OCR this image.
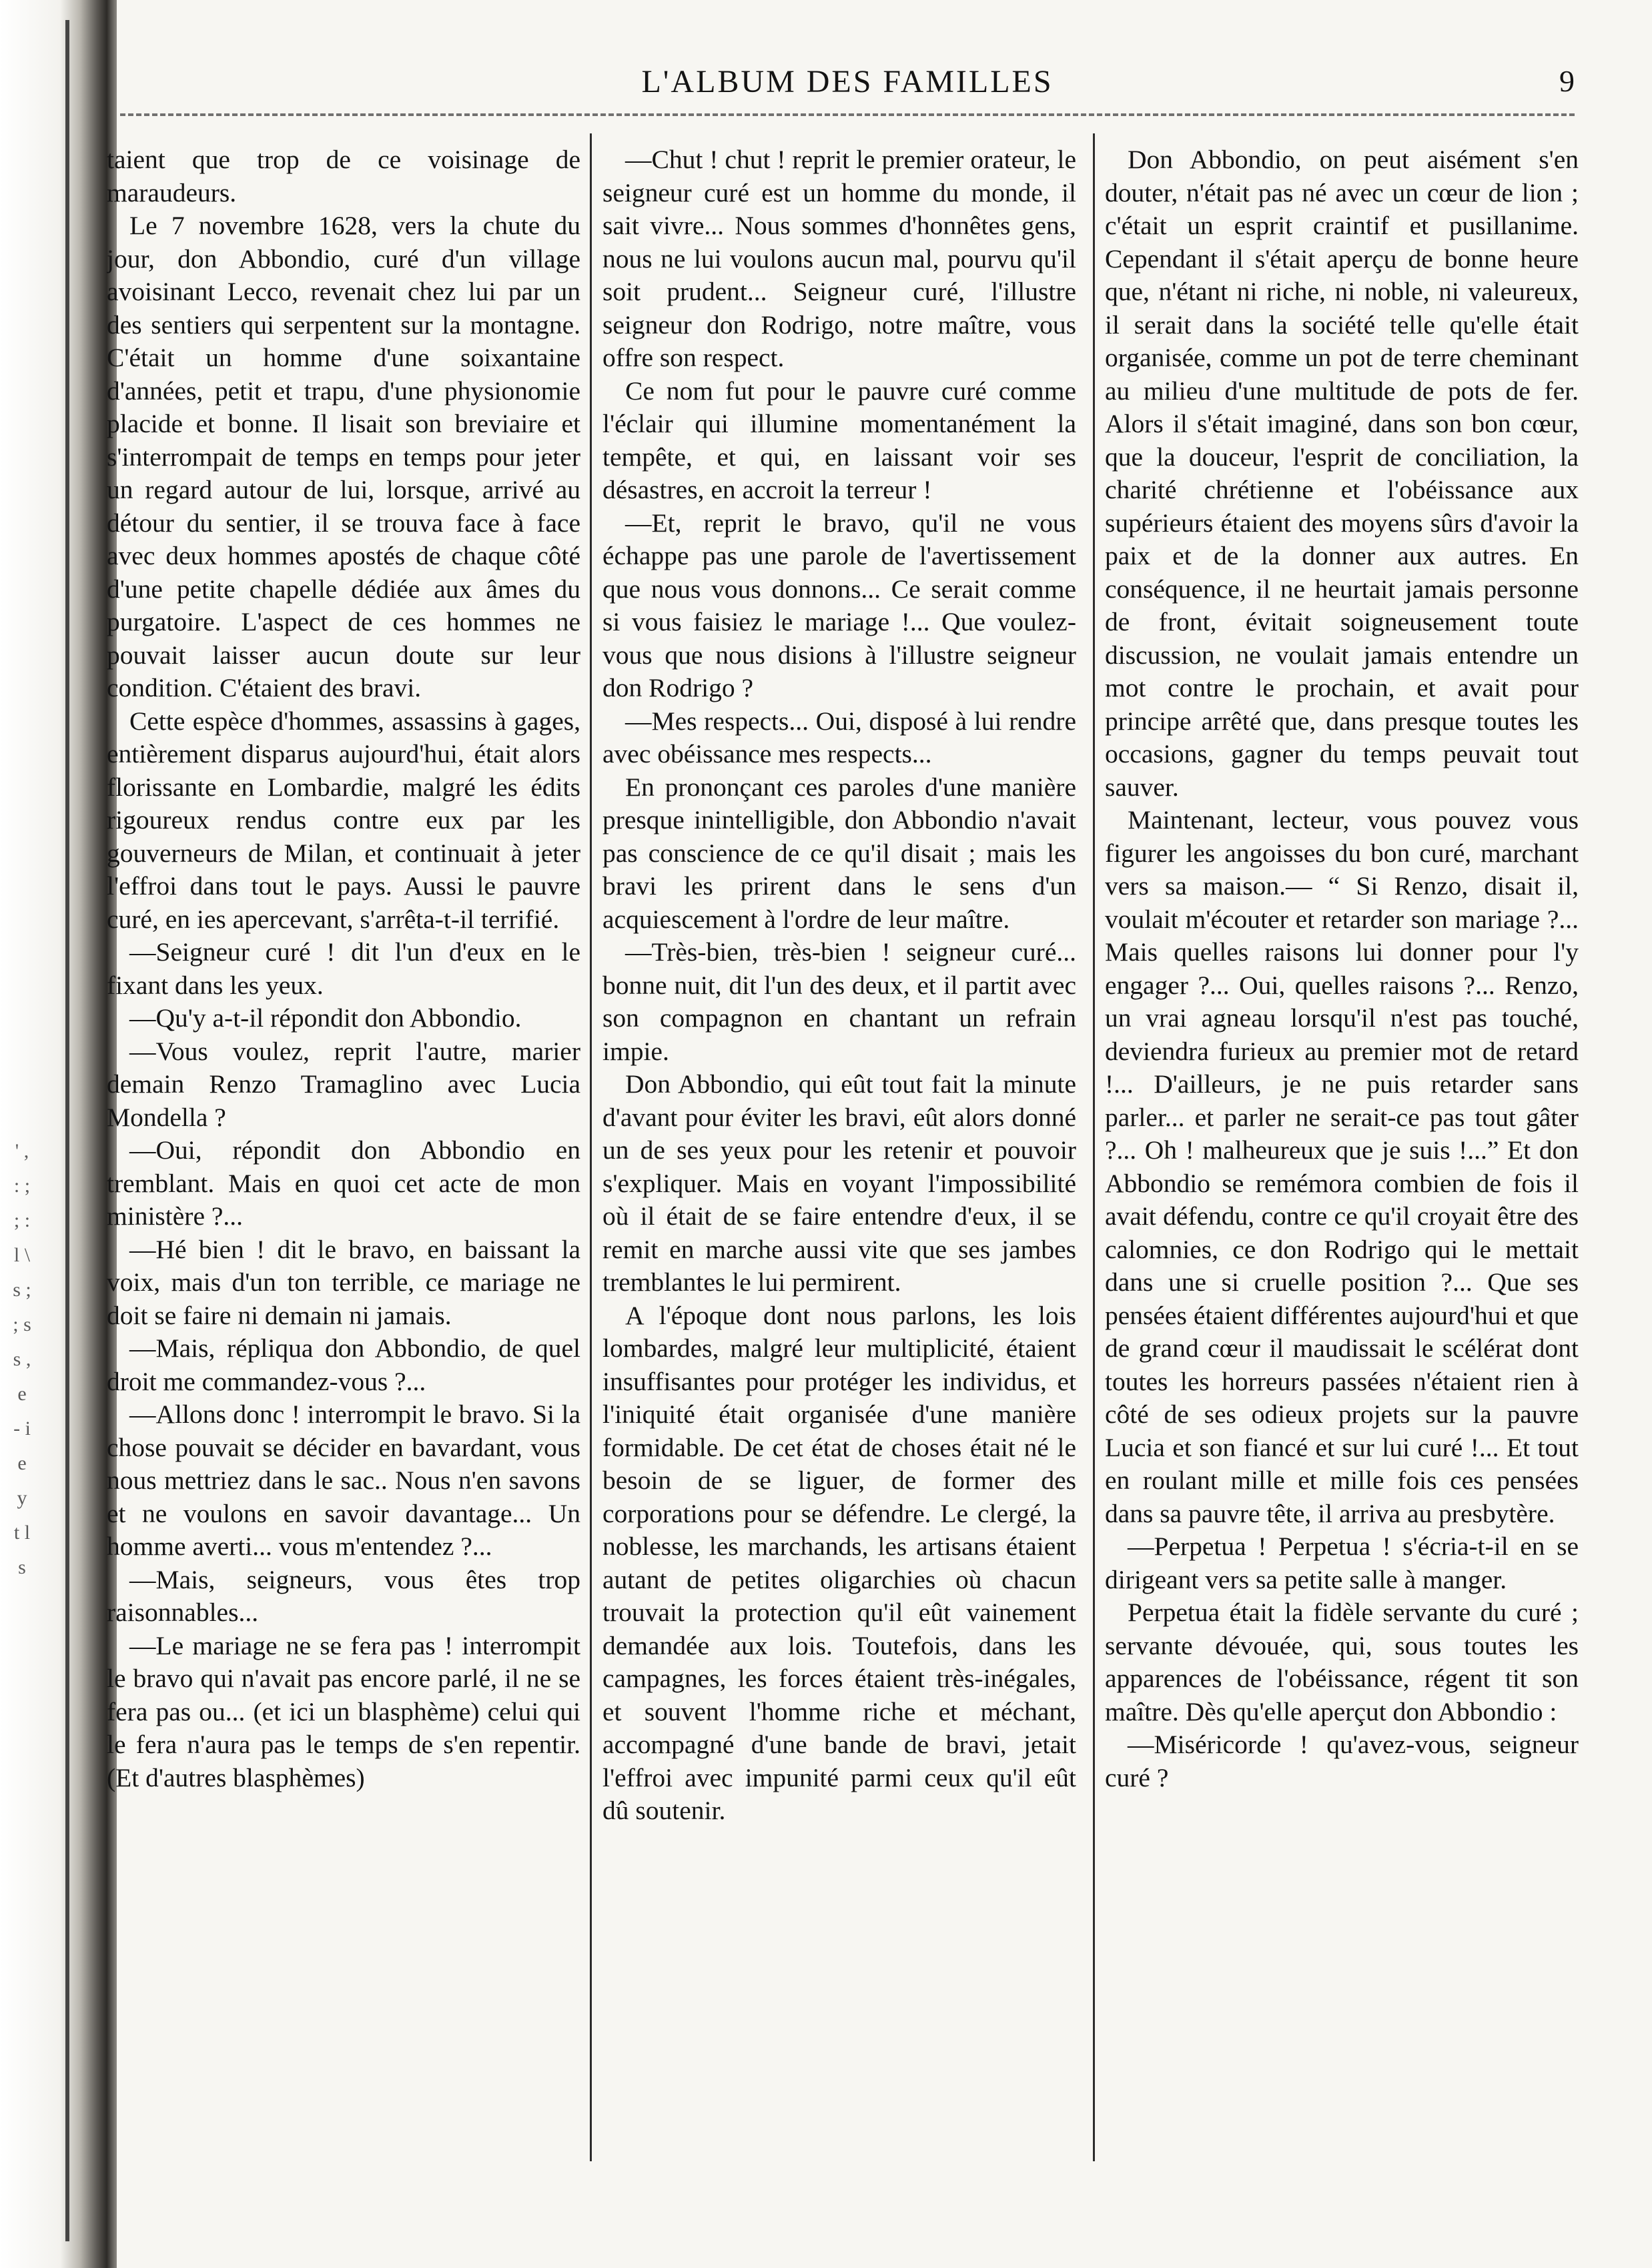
' , : ; ; : l \ s ; ; s s , e - i e y t l s
L'ALBUM DES FAMILLES	9

taient que trop de ce voisinage de maraudeurs.

Le 7 novembre 1628, vers la chute du jour, don Abbondio, curé d'un village avoisinant Lecco, revenait chez lui par un des sentiers qui serpentent sur la montagne. C'était un homme d'une soixantaine d'années, petit et trapu, d'une physionomie placide et bonne. Il lisait son breviaire et s'interrompait de temps en temps pour jeter un regard autour de lui, lorsque, arrivé au détour du sentier, il se trouva face à face avec deux hommes apostés de chaque côté d'une petite chapelle dédiée aux âmes du purgatoire. L'aspect de ces hommes ne pouvait laisser aucun doute sur leur condition. C'étaient des bravi.

Cette espèce d'hommes, assassins à gages, entièrement disparus aujourd'hui, était alors florissante en Lombardie, malgré les édits rigoureux rendus contre eux par les gouverneurs de Milan, et continuait à jeter l'effroi dans tout le pays. Aussi le pauvre curé, en ies apercevant, s'arrêta-t-il terrifié.

—Seigneur curé ! dit l'un d'eux en le fixant dans les yeux.

—Qu'y a-t-il répondit don Abbondio.

—Vous voulez, reprit l'autre, marier demain Renzo Tramaglino avec Lucia Mondella ?

—Oui, répondit don Abbondio en tremblant. Mais en quoi cet acte de mon ministère ?...

—Hé bien ! dit le bravo, en baissant la voix, mais d'un ton terrible, ce mariage ne doit se faire ni demain ni jamais.

—Mais, répliqua don Abbondio, de quel droit me commandez-vous ?...

—Allons donc ! interrompit le bravo. Si la chose pouvait se décider en bavardant, vous nous mettriez dans le sac.. Nous n'en savons et ne voulons en savoir davantage... Un homme averti... vous m'entendez ?...

—Mais, seigneurs, vous êtes trop raisonnables...

—Le mariage ne se fera pas ! interrompit le bravo qui n'avait pas encore parlé, il ne se fera pas ou... (et ici un blasphème) celui qui le fera n'aura pas le temps de s'en repentir. (Et d'autres blasphèmes)

—Chut ! chut ! reprit le premier orateur, le seigneur curé est un homme du monde, il sait vivre... Nous sommes d'honnêtes gens, nous ne lui voulons aucun mal, pourvu qu'il soit prudent... Seigneur curé, l'illustre seigneur don Rodrigo, notre maître, vous offre son respect.

Ce nom fut pour le pauvre curé comme l'éclair qui illumine momentanément la tempête, et qui, en laissant voir ses désastres, en accroit la terreur !

—Et, reprit le bravo, qu'il ne vous échappe pas une parole de l'avertissement que nous vous donnons... Ce serait comme si vous faisiez le mariage !... Que voulez-vous que nous disions à l'illustre seigneur don Rodrigo ?

—Mes respects... Oui, disposé à lui rendre avec obéissance mes respects...

En prononçant ces paroles d'une manière presque inintelligible, don Abbondio n'avait pas conscience de ce qu'il disait ; mais les bravi les prirent dans le sens d'un acquiescement à l'ordre de leur maître.

—Très-bien, très-bien ! seigneur curé... bonne nuit, dit l'un des deux, et il partit avec son compagnon en chantant un refrain impie.

Don Abbondio, qui eût tout fait la minute d'avant pour éviter les bravi, eût alors donné un de ses yeux pour les retenir et pouvoir s'expliquer. Mais en voyant l'impossibilité où il était de se faire entendre d'eux, il se remit en marche aussi vite que ses jambes tremblantes le lui permirent.

A l'époque dont nous parlons, les lois lombardes, malgré leur multiplicité, étaient insuffisantes pour protéger les individus, et l'iniquité était organisée d'une manière formidable. De cet état de choses était né le besoin de se liguer, de former des corporations pour se défendre. Le clergé, la noblesse, les marchands, les artisans étaient autant de petites oligarchies où chacun trouvait la protection qu'il eût vainement demandée aux lois. Toutefois, dans les campagnes, les forces étaient très-inégales, et souvent l'homme riche et méchant, accompagné d'une bande de bravi, jetait l'effroi avec impunité parmi ceux qu'il eût dû soutenir.

Don Abbondio, on peut aisément s'en douter, n'était pas né avec un cœur de lion ; c'était un esprit craintif et pusillanime. Cependant il s'était aperçu de bonne heure que, n'étant ni riche, ni noble, ni valeureux, il serait dans la société telle qu'elle était organisée, comme un pot de terre cheminant au milieu d'une multitude de pots de fer. Alors il s'était imaginé, dans son bon cœur, que la douceur, l'esprit de conciliation, la charité chrétienne et l'obéissance aux supérieurs étaient des moyens sûrs d'avoir la paix et de la donner aux autres. En conséquence, il ne heurtait jamais personne de front, évitait soigneusement toute discussion, ne voulait jamais entendre un mot contre le prochain, et avait pour principe arrêté que, dans presque toutes les occasions, gagner du temps peuvait tout sauver.

Maintenant, lecteur, vous pouvez vous figurer les angoisses du bon curé, marchant vers sa maison.— “ Si Renzo, disait il, voulait m'écouter et retarder son mariage ?... Mais quelles raisons lui donner pour l'y engager ?... Oui, quelles raisons ?... Renzo, un vrai agneau lorsqu'il n'est pas touché, deviendra furieux au premier mot de retard !... D'ailleurs, je ne puis retarder sans parler... et parler ne serait-ce pas tout gâter ?... Oh ! malheureux que je suis !...” Et don Abbondio se remémora combien de fois il avait défendu, contre ce qu'il croyait être des calomnies, ce don Rodrigo qui le mettait dans une si cruelle position ?... Que ses pensées étaient différentes aujourd'hui et que de grand cœur il maudissait le scélérat dont toutes les horreurs passées n'étaient rien à côté de ses odieux projets sur la pauvre Lucia et son fiancé et sur lui curé !... Et tout en roulant mille et mille fois ces pensées dans sa pauvre tête, il arriva au presbytère.

—Perpetua ! Perpetua ! s'écria-t-il en se dirigeant vers sa petite salle à manger.

Perpetua était la fidèle servante du curé ; servante dévouée, qui, sous toutes les apparences de l'obéissance, régent tit son maître. Dès qu'elle aperçut don Abbondio :

—Miséricorde ! qu'avez-vous, seigneur curé ?
